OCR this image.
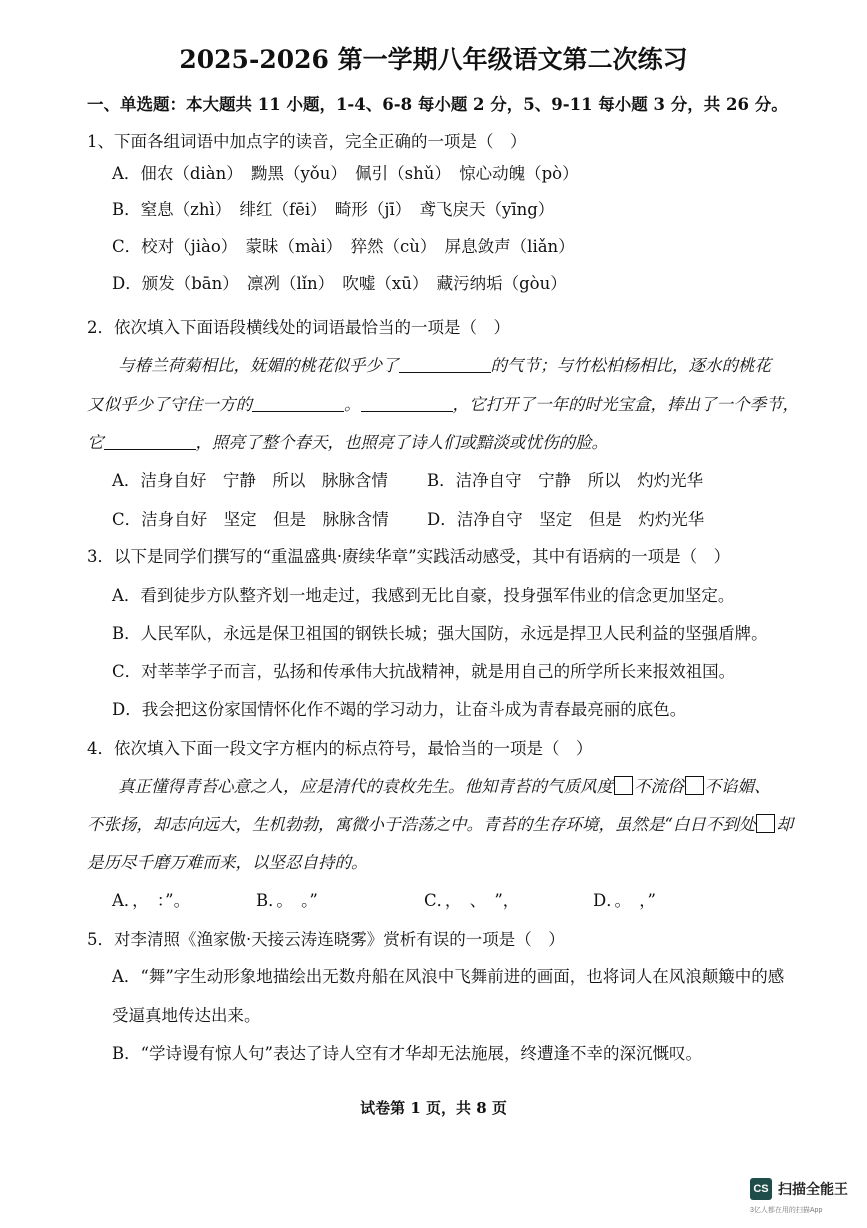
2025-2026 第一学期八年级语文第二次练习
一、单选题：本大题共 11 小题，1-4、6-8 每小题 2 分，5、9-11 每小题 3 分，共 26 分。
1、下面各组词语中加点字的读音，完全正确的一项是（　）
A．佃农（diàn）　黝黑（yǒu）　佩引（shǔ）　惊心动魄（pò）
B．窒息（zhì）　绯红（fēi）　畸形（jī）　鸢飞戾天（yīng）
C．校对（jiào）　蒙昧（mài）　猝然（cù）　屏息敛声（liǎn）
D．颁发（bān）　凛冽（lǐn）　吹嘘（xū）　藏污纳垢（gòu）
2．依次填入下面语段横线处的词语最恰当的一项是（　）
与椿兰荷菊相比，妩媚的桃花似乎少了	的气节；与竹松柏杨相比，逐水的桃花
又似乎少了守住一方的	。	，它打开了一年的时光宝盒，捧出了一个季节，
它	，照亮了整个春天，也照亮了诗人们或黯淡或忧伤的脸。
A．洁身自好　宁静　所以　脉脉含情 B．洁净自守　宁静　所以　灼灼光华
C．洁身自好　坚定　但是　脉脉含情 D．洁净自守　坚定　但是　灼灼光华
3．以下是同学们撰写的“重温盛典·赓续华章”实践活动感受，其中有语病的一项是（　）
A．看到徒步方队整齐划一地走过，我感到无比自豪，投身强军伟业的信念更加坚定。
B．人民军队，永远是保卫祖国的钢铁长城；强大国防，永远是捍卫人民利益的坚强盾牌。
C．对莘莘学子而言，弘扬和传承伟大抗战精神，就是用自己的所学所长来报效祖国。
D．我会把这份家国情怀化作不竭的学习动力，让奋斗成为青春最亮丽的底色。
4．依次填入下面一段文字方框内的标点符号，最恰当的一项是（　）
真正懂得青苔心意之人，应是清代的袁枚先生。他知青苔的气质风度 不流俗 不谄媚、
不张扬，却志向远大，生机勃勃，寓微小于浩荡之中。青苔的生存环境，虽然是“白日不到处 却
是历尽千磨万难而来，以坚忍自持的。
A．，　：”。	B．。　。”	C．，　、　”，	D．。　，”
5．对李清照《渔家傲·天接云涛连晓雾》赏析有误的一项是（　）
A．“舞”字生动形象地描绘出无数舟船在风浪中飞舞前进的画面，也将词人在风浪颠簸中的感
受逼真地传达出来。
B．“学诗谩有惊人句”表达了诗人空有才华却无法施展，终遭逢不幸的深沉慨叹。
试卷第 1 页，共 8 页
CS 扫描全能王
3亿人都在用的扫描App
